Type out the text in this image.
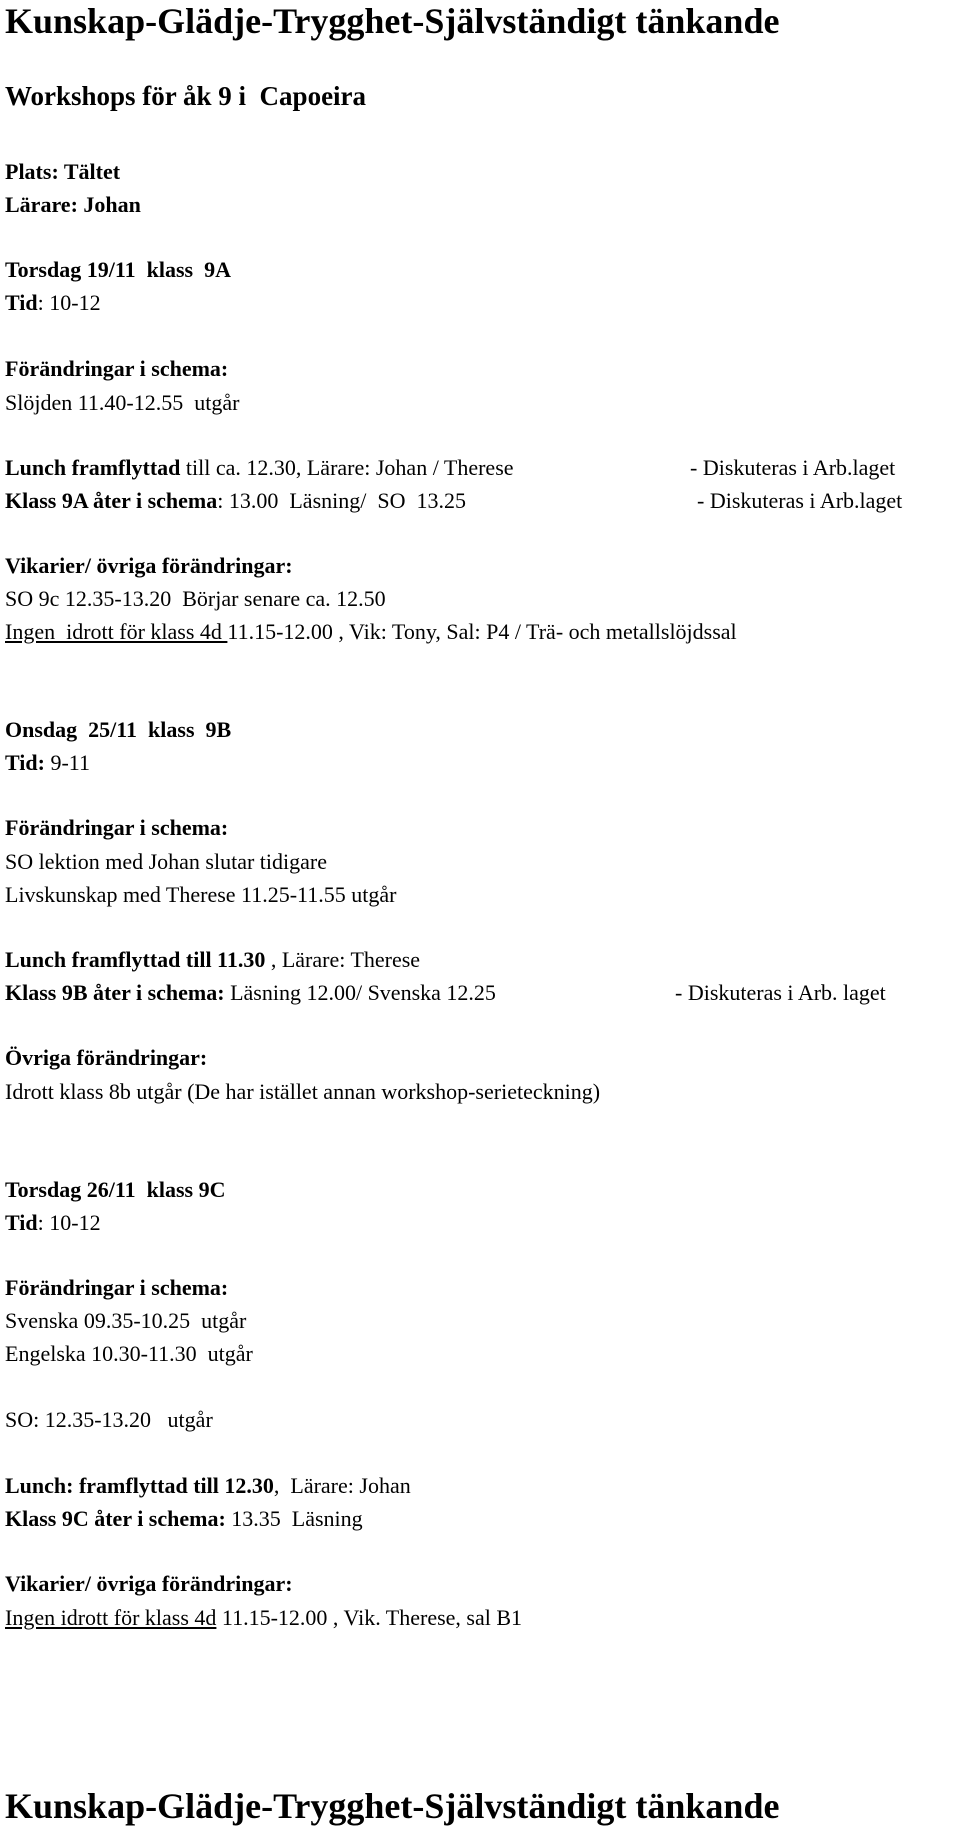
Kunskap-Glädje-Trygghet-Självständigt tänkande
Workshops för åk 9 i  Capoeira
Plats: Tältet
Lärare: Johan
Torsdag 19/11  klass  9A
Tid: 10-12
Förändringar i schema:
Slöjden 11.40-12.55  utgår
Lunch framflyttad till ca. 12.30, Lärare: Johan / Therese	- Diskuteras i Arb.laget
Klass 9A åter i schema: 13.00  Läsning/  SO  13.25	- Diskuteras i Arb.laget
Vikarier/ övriga förändringar:
SO 9c 12.35-13.20  Börjar senare ca. 12.50
Ingen  idrott för klass 4d 11.15-12.00 , Vik: Tony, Sal: P4 / Trä- och metallslöjdssal
Onsdag  25/11  klass  9B
Tid: 9-11
Förändringar i schema:
SO lektion med Johan slutar tidigare
Livskunskap med Therese 11.25-11.55 utgår
Lunch framflyttad till 11.30 , Lärare: Therese
Klass 9B åter i schema: Läsning 12.00/ Svenska 12.25	- Diskuteras i Arb. laget
Övriga förändringar:
Idrott klass 8b utgår (De har istället annan workshop-serieteckning)
Torsdag 26/11  klass 9C
Tid: 10-12
Förändringar i schema:
Svenska 09.35-10.25  utgår
Engelska 10.30-11.30  utgår
SO: 12.35-13.20   utgår
Lunch: framflyttad till 12.30,  Lärare: Johan
Klass 9C åter i schema: 13.35  Läsning
Vikarier/ övriga förändringar:
Ingen idrott för klass 4d 11.15-12.00 , Vik. Therese, sal B1
Kunskap-Glädje-Trygghet-Självständigt tänkande
